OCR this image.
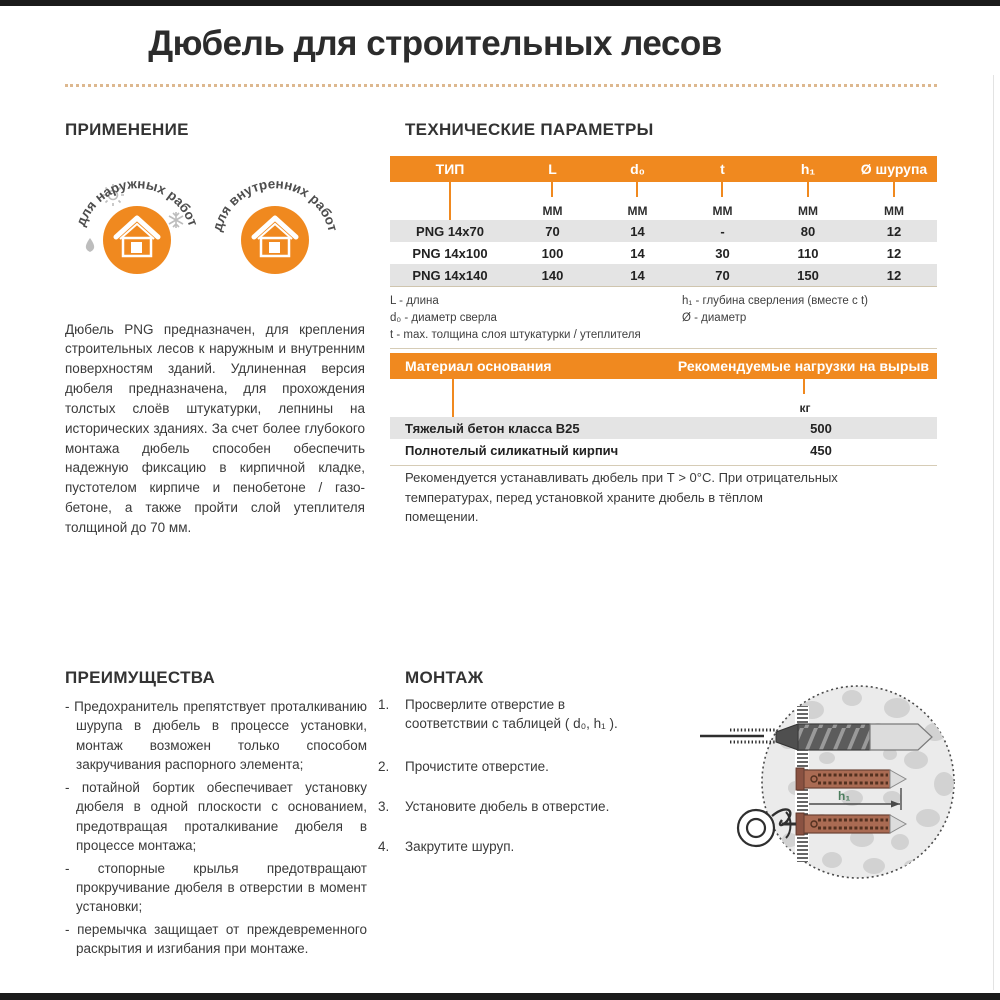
Дюбель для строительных лесов
ПРИМЕНЕНИЕ
для наружных работ для внутренних работ

Дюбель PNG предназначен, для крепления строительных лесов к наружным и внутренним поверхностям зданий. Удлиненная версия дюбеля предназначена, для прохождения толстых слоёв штукатурки, лепнины на исторических зданиях. За счет более глубокого монтажа дюбель способен обеспечить надежную фиксацию в кирпичной кладке, пустотелом кирпиче и пенобетоне / газо-бетоне, а также пройти слой утеплителя толщиной до 70 мм.

ПРЕИМУЩЕСТВА

- Предохранитель препятствует проталкиванию шурупа в дюбель в процессе установки, монтаж возможен только способом закручивания распорного элемента;

- потайной бортик обеспечивает установку дюбеля в одной плоскости с основанием, предотвращая проталкивание дюбеля в процессе монтажа;

- стопорные крылья предотвращают прокручивание дюбеля в отверстии в момент установки;

- перемычка защищает от преждевременного раскрытия и изгибания при монтаже.

ТЕХНИЧЕСКИЕ ПАРАМЕТРЫ
ТИП	L	d₀	t	h₁	Ø шурупа
ММ	ММ	ММ	ММ	ММ
PNG 14x70	70	14	-	80	12
PNG 14x100	100	14	30	110	12
PNG 14x140	140	14	70	150	12
L - длина
d₀ - диаметр сверла
t - max. толщина слоя штукатурки / утеплителя
h₁ - глубина сверления (вместе с t)
Ø - диаметр
Материал основания	Рекомендуемые нагрузки на вырыв
кг
Тяжелый бетон класса B25	500
Полнотелый силикатный кирпич	450

Рекомендуется устанавливать дюбель при Т > 0°С. При отрицательных температурах, перед установкой храните дюбель в тёплом помещении.

МОНТАЖ
1.	Просверлите отверстие в соответствии с таблицей ( d₀, h₁ ).
2.	Прочистите отверстие.
3.	Установите дюбель в отверстие.
4.	Закрутите шуруп.
h₁
